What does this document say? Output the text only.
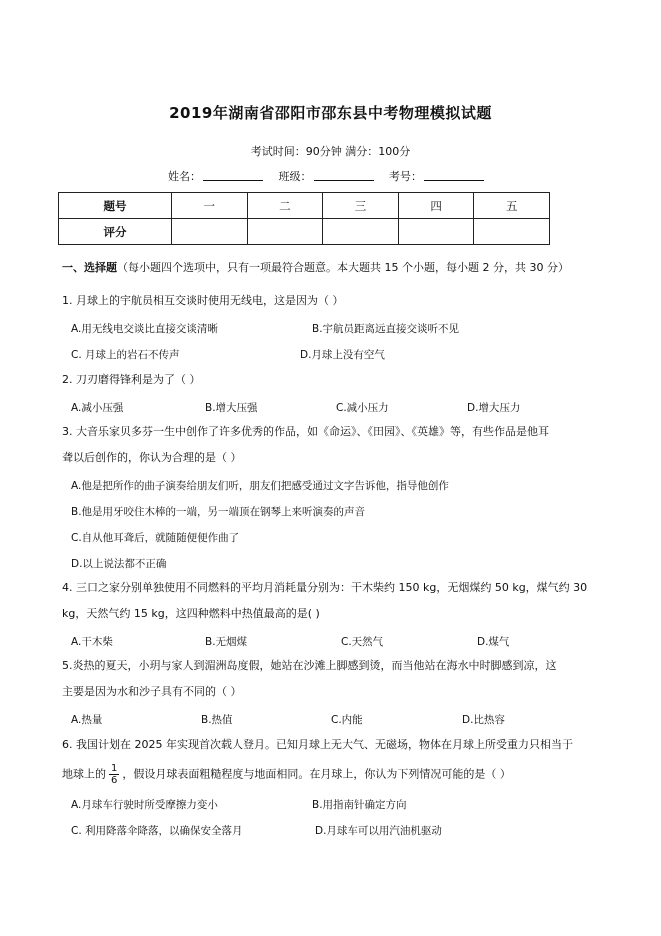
2019年湖南省邵阳市邵东县中考物理模拟试题
考试时间：90分钟 满分：100分
姓名：	班级：	考号：
题号	一	二	三	四	五
评分					
一、选择题（每小题四个选项中，只有一项最符合题意。本大题共 15 个小题，每小题 2 分，共 30 分）
1. 月球上的宇航员相互交谈时使用无线电，这是因为（ ）
A.用无线电交谈比直接交谈清晰	B.宇航员距离远直接交谈听不见
C. 月球上的岩石不传声	D.月球上没有空气
2. 刀刃磨得锋利是为了（ ）
A.减小压强	B.增大压强	C.减小压力	D.增大压力
3. 大音乐家贝多芬一生中创作了许多优秀的作品，如《命运》、《田园》、《英雄》等，有些作品是他耳
聋以后创作的，你认为合理的是（ ）
A.他是把所作的曲子演奏给朋友们听，朋友们把感受通过文字告诉他，指导他创作
B.他是用牙咬住木棒的一端，另一端顶在钢琴上来听演奏的声音
C.自从他耳聋后，就随随便便作曲了
D.以上说法都不正确
4. 三口之家分别单独使用不同燃料的平均月消耗量分别为：干木柴约 150 kg，无烟煤约 50 kg，煤气约 30
kg，天然气约 15 kg，这四种燃料中热值最高的是( )
A.干木柴	B.无烟煤	C.天然气	D.煤气
5.炎热的夏天，小玥与家人到湄洲岛度假，她站在沙滩上脚感到烫，而当他站在海水中时脚感到凉，这
主要是因为水和沙子具有不同的（ ）
A.热量	B.热值	C.内能	D.比热容
6. 我国计划在 2025 年实现首次载人登月。已知月球上无大气、无磁场，物体在月球上所受重力只相当于
地球上的 $\frac{1}{6}$ ，假设月球表面粗糙程度与地面相同。在月球上，你认为下列情况可能的是（ ）
A.月球车行驶时所受摩擦力变小	B.用指南针确定方向
C. 利用降落伞降落，以确保安全落月	D.月球车可以用汽油机驱动
